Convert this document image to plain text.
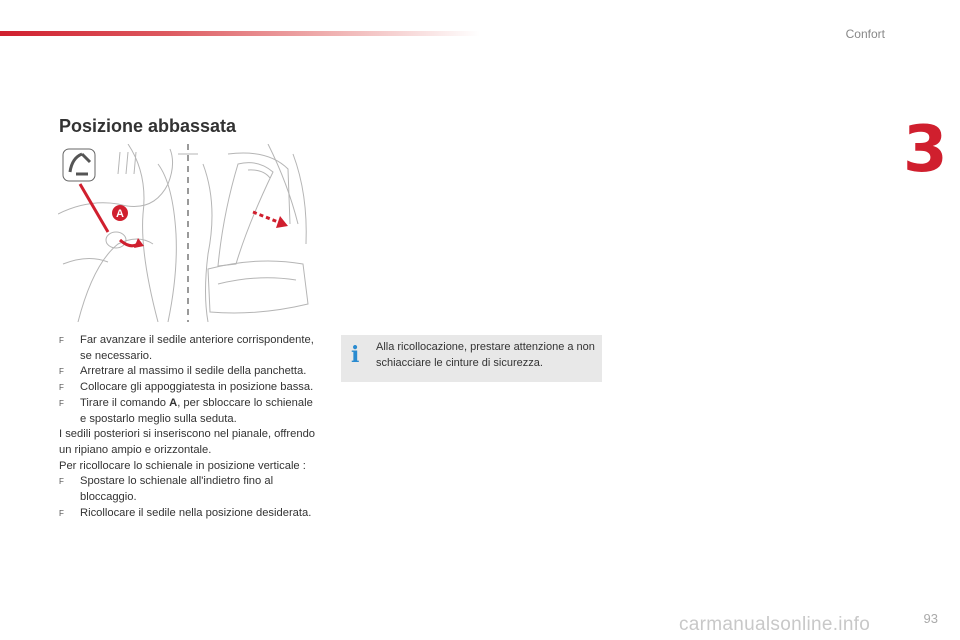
Confort
3
Posizione abbassata
A
F	Far avanzare il sedile anteriore corrispondente, se necessario.
F	Arretrare al massimo il sedile della panchetta.
F	Collocare gli appoggiatesta in posizione bassa.
F	Tirare il comando A, per sbloccare lo schienale e spostarlo meglio sulla seduta.
I sedili posteriori si inseriscono nel pianale, offrendo un ripiano ampio e orizzontale.
Per ricollocare lo schienale in posizione verticale :
F	Spostare lo schienale all'indietro fino al bloccaggio.
F	Ricollocare il sedile nella posizione desiderata.
i Alla ricollocazione, prestare attenzione a non schiacciare le cinture di sicurezza.
carmanualsonline.info	93
